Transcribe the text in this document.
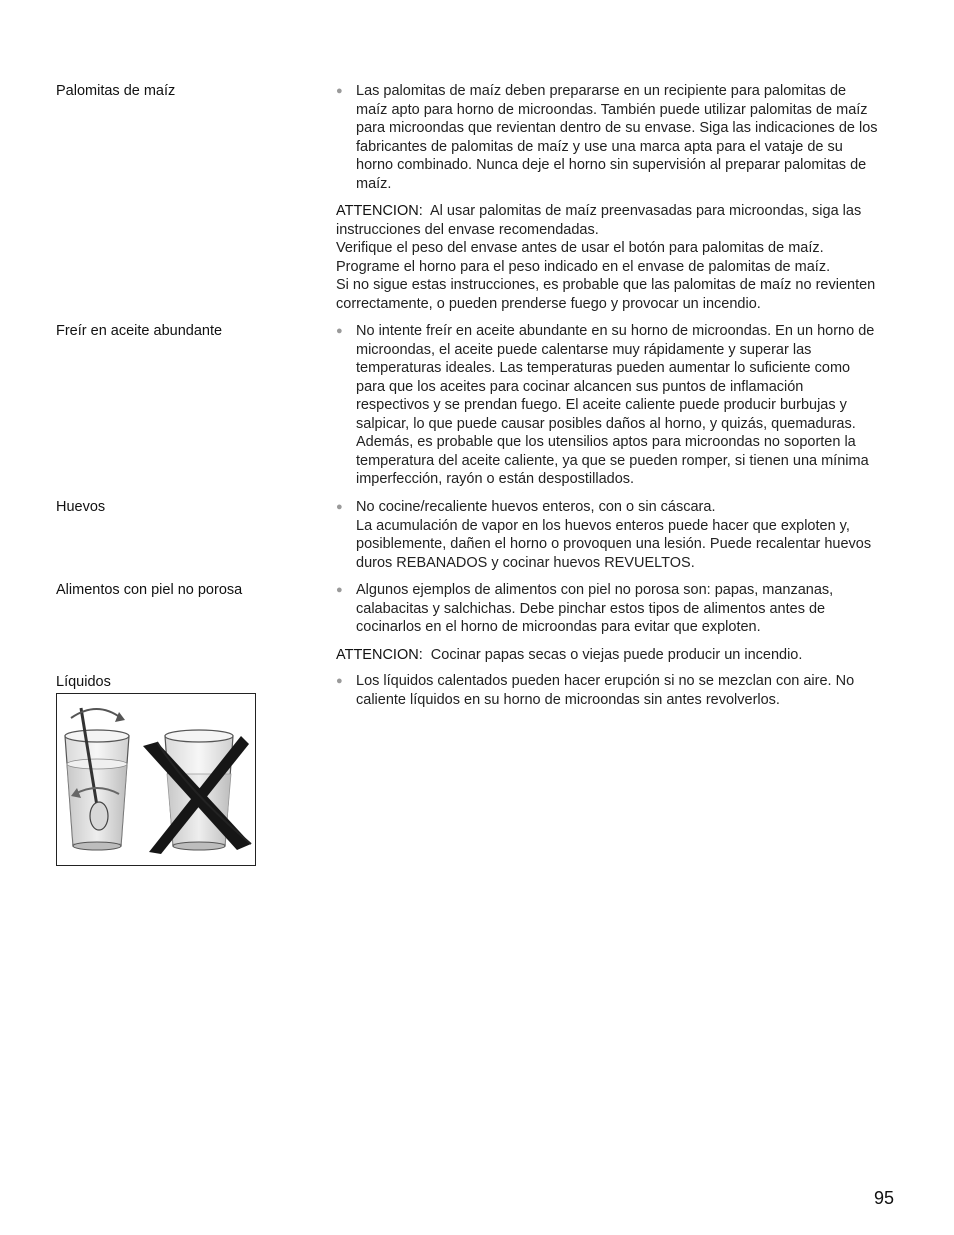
Palomitas de maíz	● Las palomitas de maíz deben prepararse en un recipiente para palomitas de
maíz apto para horno de microondas. También puede utilizar palomitas de maíz
para microondas que revientan dentro de su envase. Siga las indicaciones de los
fabricantes de palomitas de maíz y use una marca apta para el vataje de su
horno combinado. Nunca deje el horno sin supervisión al preparar palomitas de
maíz.
ATTENCION: Al usar palomitas de maíz preenvasadas para microondas, siga las
instrucciones del envase recomendadas.
Verifique el peso del envase antes de usar el botón para palomitas de maíz.
Programe el horno para el peso indicado en el envase de palomitas de maíz.
Si no sigue estas instrucciones, es probable que las palomitas de maíz no revienten
correctamente, o pueden prenderse fuego y provocar un incendio.
Freír en aceite abundante	● No intente freír en aceite abundante en su horno de microondas. En un horno de
microondas, el aceite puede calentarse muy rápidamente y superar las
temperaturas ideales. Las temperaturas pueden aumentar lo suficiente como
para que los aceites para cocinar alcancen sus puntos de inflamación
respectivos y se prendan fuego. El aceite caliente puede producir burbujas y
salpicar, lo que puede causar posibles daños al horno, y quizás, quemaduras.
Además, es probable que los utensilios aptos para microondas no soporten la
temperatura del aceite caliente, ya que se pueden romper, si tienen una mínima
imperfección, rayón o están despostillados.
Huevos	● No cocine/recaliente huevos enteros, con o sin cáscara.
La acumulación de vapor en los huevos enteros puede hacer que exploten y,
posiblemente, dañen el horno o provoquen una lesión. Puede recalentar huevos
duros REBANADOS y cocinar huevos REVUELTOS.
Alimentos con piel no porosa	● Algunos ejemplos de alimentos con piel no porosa son: papas, manzanas,
calabacitas y salchichas. Debe pinchar estos tipos de alimentos antes de
cocinarlos en el horno de microondas para evitar que exploten.
ATTENCION: Cocinar papas secas o viejas puede producir un incendio.
Líquidos	● Los líquidos calentados pueden hacer erupción si no se mezclan con aire. No
caliente líquidos en su horno de microondas sin antes revolverlos.
95
